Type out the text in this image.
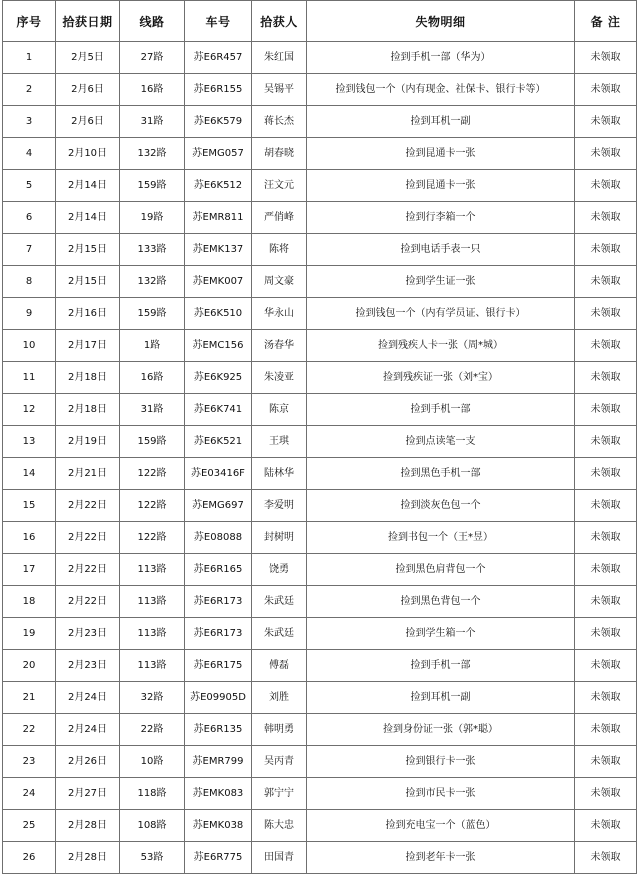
序号	拾获日期	线路	车号	拾获人	失物明细	备 注
1	2月5日	27路	苏E6R457	朱红国	捡到手机一部（华为）	未领取
2	2月6日	16路	苏E6R155	吴锡平	捡到钱包一个（内有现金、社保卡、银行卡等）	未领取
3	2月6日	31路	苏E6K579	蒋长杰	捡到耳机一副	未领取
4	2月10日	132路	苏EMG057	胡春晓	捡到昆通卡一张	未领取
5	2月14日	159路	苏E6K512	汪文元	捡到昆通卡一张	未领取
6	2月14日	19路	苏EMR811	严俏峰	捡到行李箱一个	未领取
7	2月15日	133路	苏EMK137	陈将	捡到电话手表一只	未领取
8	2月15日	132路	苏EMK007	周文豪	捡到学生证一张	未领取
9	2月16日	159路	苏E6K510	华永山	捡到钱包一个（内有学员证、银行卡）	未领取
10	2月17日	1路	苏EMC156	汤春华	捡到残疾人卡一张（周*城）	未领取
11	2月18日	16路	苏E6K925	朱凌亚	捡到残疾证一张（刘*宝）	未领取
12	2月18日	31路	苏E6K741	陈京	捡到手机一部	未领取
13	2月19日	159路	苏E6K521	王琪	捡到点读笔一支	未领取
14	2月21日	122路	苏E03416F	陆林华	捡到黑色手机一部	未领取
15	2月22日	122路	苏EMG697	李爱明	捡到淡灰色包一个	未领取
16	2月22日	122路	苏E08088	封树明	捡到书包一个（王*昱）	未领取
17	2月22日	113路	苏E6R165	饶勇	捡到黑色肩背包一个	未领取
18	2月22日	113路	苏E6R173	朱武廷	捡到黑色背包一个	未领取
19	2月23日	113路	苏E6R173	朱武廷	捡到学生箱一个	未领取
20	2月23日	113路	苏E6R175	傅磊	捡到手机一部	未领取
21	2月24日	32路	苏E09905D	刘胜	捡到耳机一副	未领取
22	2月24日	22路	苏E6R135	韩明勇	捡到身份证一张（郭*聪）	未领取
23	2月26日	10路	苏EMR799	吴丙青	捡到银行卡一张	未领取
24	2月27日	118路	苏EMK083	郭宁宁	捡到市民卡一张	未领取
25	2月28日	108路	苏EMK038	陈大忠	捡到充电宝一个（蓝色）	未领取
26	2月28日	53路	苏E6R775	田国青	捡到老年卡一张	未领取
